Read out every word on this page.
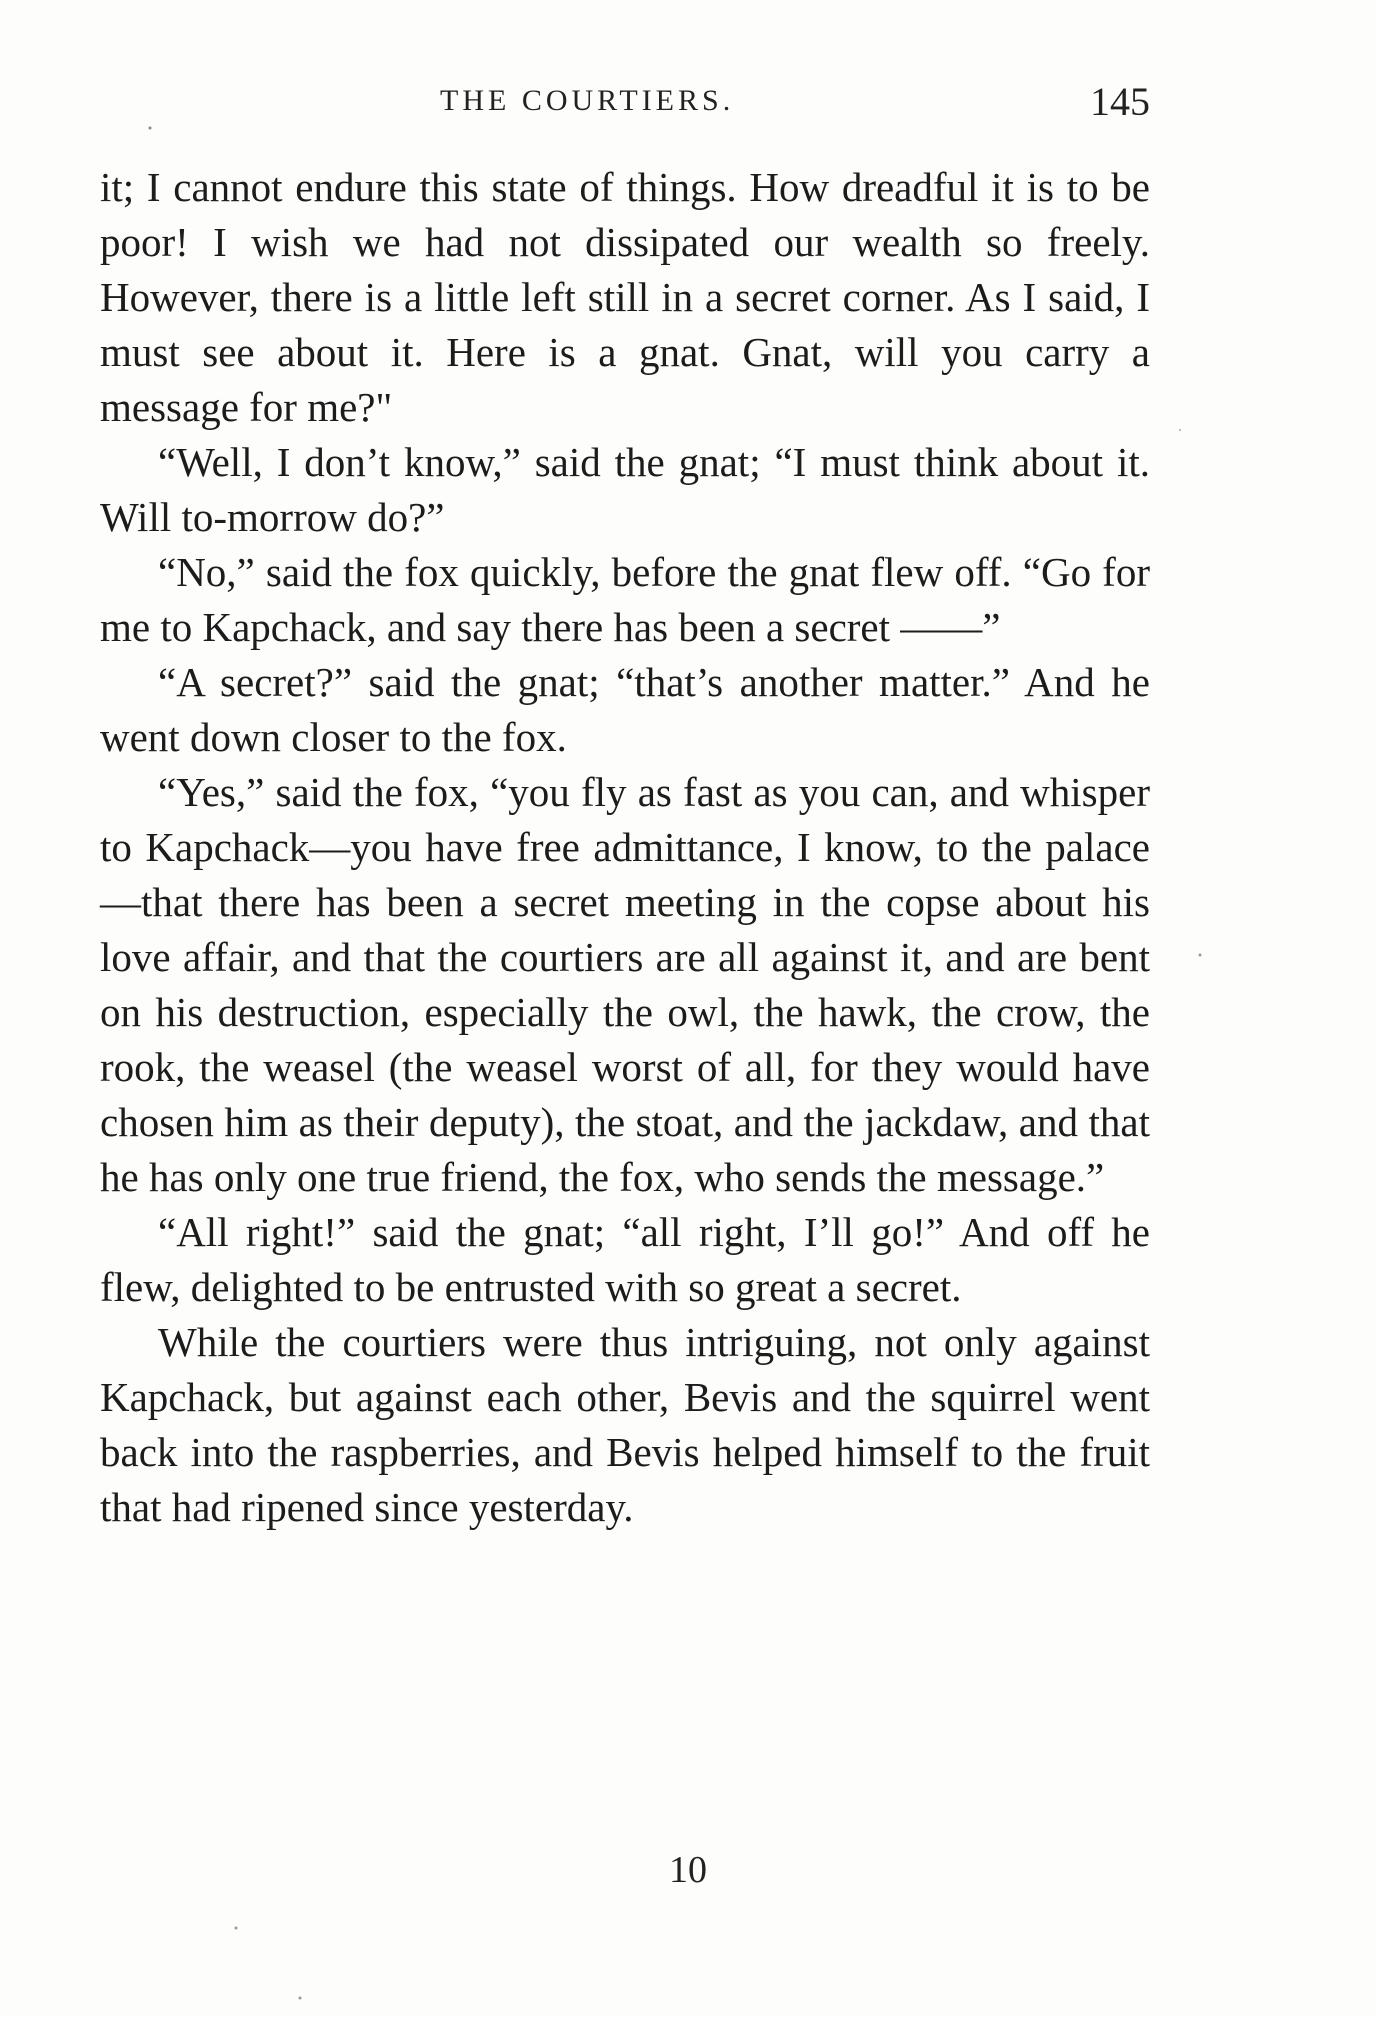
THE COURTIERS.	145

it; I cannot endure this state of things. How dreadful it is to be poor! I wish we had not dissipated our wealth so freely. However, there is a little left still in a secret corner. As I said, I must see about it. Here is a gnat. Gnat, will you carry a message for me?"

“Well, I don’t know,” said the gnat; “I must think about it. Will to-morrow do?”

“No,” said the fox quickly, before the gnat flew off. “Go for me to Kapchack, and say there has been a secret ——”

“A secret?” said the gnat; “that’s another matter.” And he went down closer to the fox.

“Yes,” said the fox, “you fly as fast as you can, and whisper to Kapchack—you have free admittance, I know, to the palace—that there has been a secret meeting in the copse about his love affair, and that the courtiers are all against it, and are bent on his destruction, especially the owl, the hawk, the crow, the rook, the weasel (the weasel worst of all, for they would have chosen him as their deputy), the stoat, and the jackdaw, and that he has only one true friend, the fox, who sends the message.”

“All right!” said the gnat; “all right, I’ll go!” And off he flew, delighted to be entrusted with so great a secret.

While the courtiers were thus intriguing, not only against Kapchack, but against each other, Bevis and the squirrel went back into the raspberries, and Bevis helped himself to the fruit that had ripened since yesterday.

10
